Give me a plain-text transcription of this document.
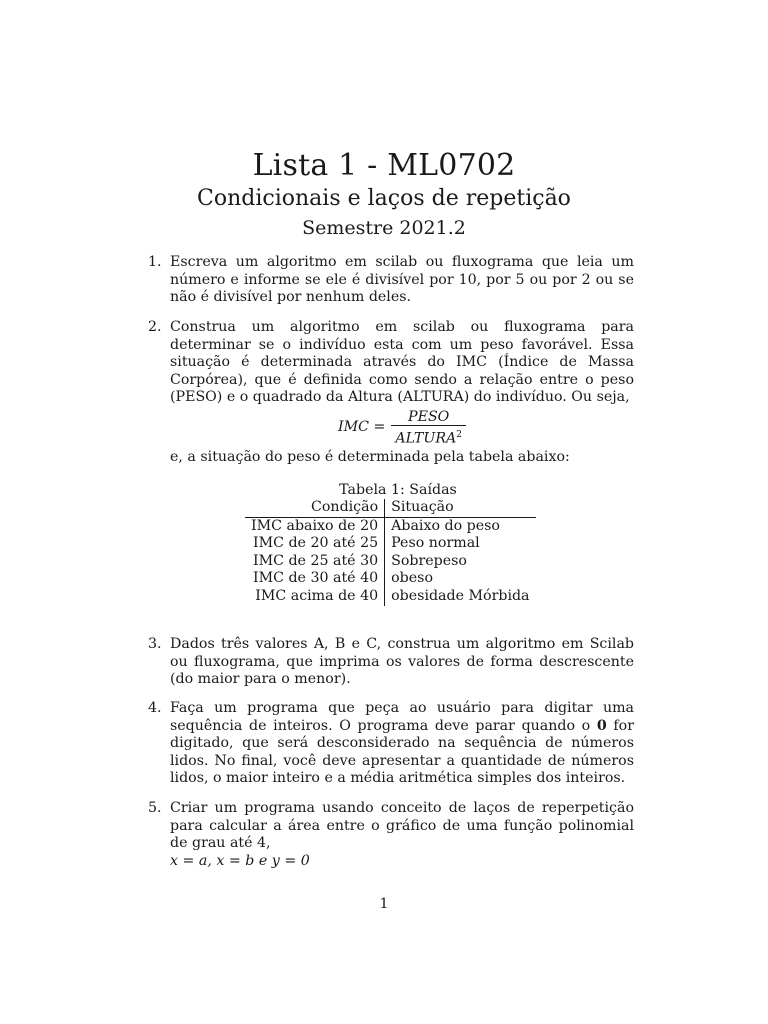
Lista 1 - ML0702
Condicionais e laços de repetição
Semestre 2021.2
1. Escreva um algoritmo em scilab ou fluxograma que leia um número e informe se ele é divisível por 10, por 5 ou por 2 ou se não é divisível por nenhum deles.

2. Construa um algoritmo em scilab ou fluxograma para determinar se o indivíduo esta com um peso favorável. Essa situação é determinada através do IMC (Índice de Massa Corpórea), que é definida como sendo a relação entre o peso (PESO) e o quadrado da Altura (ALTURA) do indivíduo. Ou seja,

IMC = $\frac{\text{PESO}}{ALTURA^2}$

e, a situação do peso é determinada pela tabela abaixo:

Tabela 1: Saídas
Condição	Situação
IMC abaixo de 20	Abaixo do peso
IMC de 20 até 25	Peso normal
IMC de 25 até 30	Sobrepeso
IMC de 30 até 40	obeso
IMC acima de 40	obesidade Mórbida
3. Dados três valores A, B e C, construa um algoritmo em Scilab ou fluxograma, que imprima os valores de forma descrescente (do maior para o menor).

4. Faça um programa que peça ao usuário para digitar uma sequência de inteiros. O programa deve parar quando o 0 for digitado, que será desconsiderado na sequência de números lidos. No final, você deve apresentar a quantidade de números lidos, o maior inteiro e a média aritmética simples dos inteiros.

5. Criar um programa usando conceito de laços de reperpetição para calcular a área entre o gráfico de uma função polinomial de grau até 4,
x = a, x = b e y = 0

1
